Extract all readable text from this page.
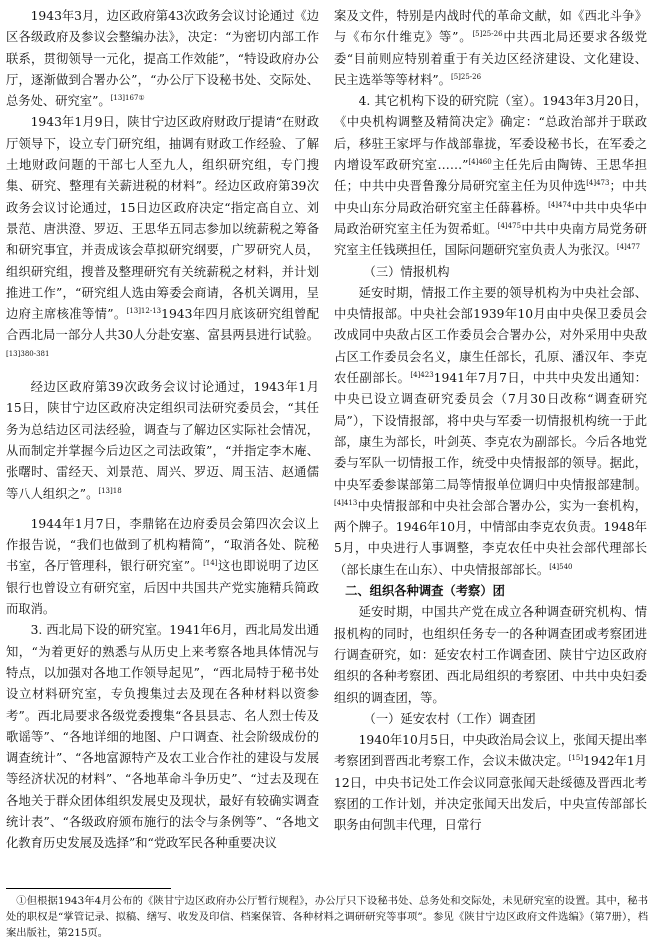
1943年3月，边区政府第43次政务会议讨论通过《边区各级政府及参议会整编办法》，决定：“为密切内部工作联系，贯彻领导一元化，提高工作效能”，“特设政府办公厅，逐渐做到合署办公”，“办公厅下设秘书处、交际处、总务处、研究室”。$^{[13]167①}$

1943年1月9日，陕甘宁边区政府财政厅提请“在财政厅领导下，设立专门研究组，抽调有财政工作经验、了解土地财政问题的干部七人至九人，组织研究组，专门搜集、研究、整理有关薪进税的材料”。经边区政府第39次政务会议讨论通过，15日边区政府决定“指定高自立、刘景范、唐洪澄、罗迈、王思华五同志参加以统薪税之筹备和研究事宜，并责成该会草拟研究纲要，广罗研究人员，组织研究组，搜普及整理研究有关统薪税之材料，并计划推进工作”，“研究组人选由筹委会商请，各机关调用，呈边府主席核准等情”。$^{[13]12-13}$1943年四月底该研究组曾配合西北局一部分人共30人分赴安塞、富县两县进行试验。$^{[13]380-381}$

经边区政府第39次政务会议讨论通过，1943年1月15日，陕甘宁边区政府决定组织司法研究委员会，“其任务为总结边区司法经验，调查与了解边区实际社会情况，从而制定并掌握今后边区之司法政策”，“并指定李木庵、张曙时、雷经天、刘景范、周兴、罗迈、周玉洁、赵通儒等八人组织之”。$^{[13]18}$

1944年1月7日，李鼎铭在边府委员会第四次会议上作报告说，“我们也做到了机构精简”，“取消各处、院秘书室，各厅管理科，银行研究室”。[14]这也即说明了边区银行也曾设立有研究室，后因中共国共产党实施精兵简政而取消。

3. 西北局下设的研究室。1941年6月，西北局发出通知，“为着更好的熟悉与从历史上来考察各地具体情况与特点，以加强对各地工作领导起见”，“西北局特于秘书处设立材料研究室，专负搜集过去及现在各种材料以资参考”。西北局要求各级党委搜集“各县县志、名人烈士传及歌谣等”、“各地详细的地图、户口调查、社会阶级成份的调查统计”、“各地富源特产及农工业合作社的建设与发展等经济状况的材料”、“各地革命斗争历史”、“过去及现在各地关于群众团体组织发展史及现状，最好有较确实调查统计表”、“各级政府颁布施行的法令与条例等”、“各地文化教育历史发展及选择”和“党政军民各种重要决议

案及文件，特别是内战时代的革命文献，如《西北斗争》与《布尔什维克》等”。$^{[5]25-26}$中共西北局还要求各级党委“目前则应特别着重于有关边区经济建设、文化建设、民主选举等等材料”。$^{[5]25-26}$

4. 其它机构下设的研究院（室）。1943年3月20日，《中央机构调整及精简决定》确定：“总政治部并于联政后，移驻王家坪与作战部靠拢，军委设秘书长，在军委之内增设军政研究室……”$^{[4]460}$主任先后由陶铸、王思华担任；中共中央晋鲁豫分局研究室主任为贝仲选$^{[4]473}$；中共中央山东分局政治研究室主任薛暮桥。$^{[4]474}$中共中央华中局政治研究室主任为贺希虹。$^{[4]475}$中共中央南方局党务研究室主任钱瑛担任，国际问题研究室负责人为张汉。$^{[4]477}$

（三）情报机构

延安时期，情报工作主要的领导机构为中央社会部、中央情报部。中央社会部1939年10月由中央保卫委员会改成同中央敌占区工作委员会合署办公，对外采用中央敌占区工作委员会名义，康生任部长，孔原、潘汉年、李克农任副部长。$^{[4]423}$1941年7月7日，中共中央发出通知：中央已设立调查研究委员会（7月30日改称“调查研究局”），下设情报部，将中央与军委一切情报机构统一于此部，康生为部长，叶剑英、李克农为副部长。今后各地党委与军队一切情报工作，统受中央情报部的领导。据此，中央军委参谋部第二局等情报单位调归中央情报部建制。$^{[4]413}$中央情报部和中央社会部合署办公，实为一套机构，两个牌子。1946年10月，中情部由李克农负责。1948年5月，中央进行人事调整，李克农任中央社会部代理部长（部长康生在山东）、中央情报部部长。$^{[4]540}$

二、组织各种调查（考察）团

延安时期，中国共产党在成立各种调查研究机构、情报机构的同时，也组织任务专一的各种调查团或考察团进行调查研究，如：延安农村工作调查团、陕甘宁边区政府组织的各种考察团、西北局组织的考察团、中共中央妇委组织的调查团，等。

（一）延安农村（工作）调查团

1940年10月5日，中央政治局会议上，张闻天提出率考察团到晋西北考察工作，会议未做决定。[15]1942年1月12日，中央书记处工作会议同意张闻天赴绥德及晋西北考察团的工作计划，并决定张闻天出发后，中央宣传部部长职务由何凯丰代理，日常行

①但根据1943年4月公布的《陕甘宁边区政府办公厅暂行规程》，办公厅只下设秘书处、总务处和交际处，未见研究室的设置。其中，秘书处的职权是“掌管记录、拟稿、缮写、收发及印信、档案保管、各种材料之调研研究等事项”。参见《陕甘宁边区政府文件选编》（第7册），档案出版社，第215页。
